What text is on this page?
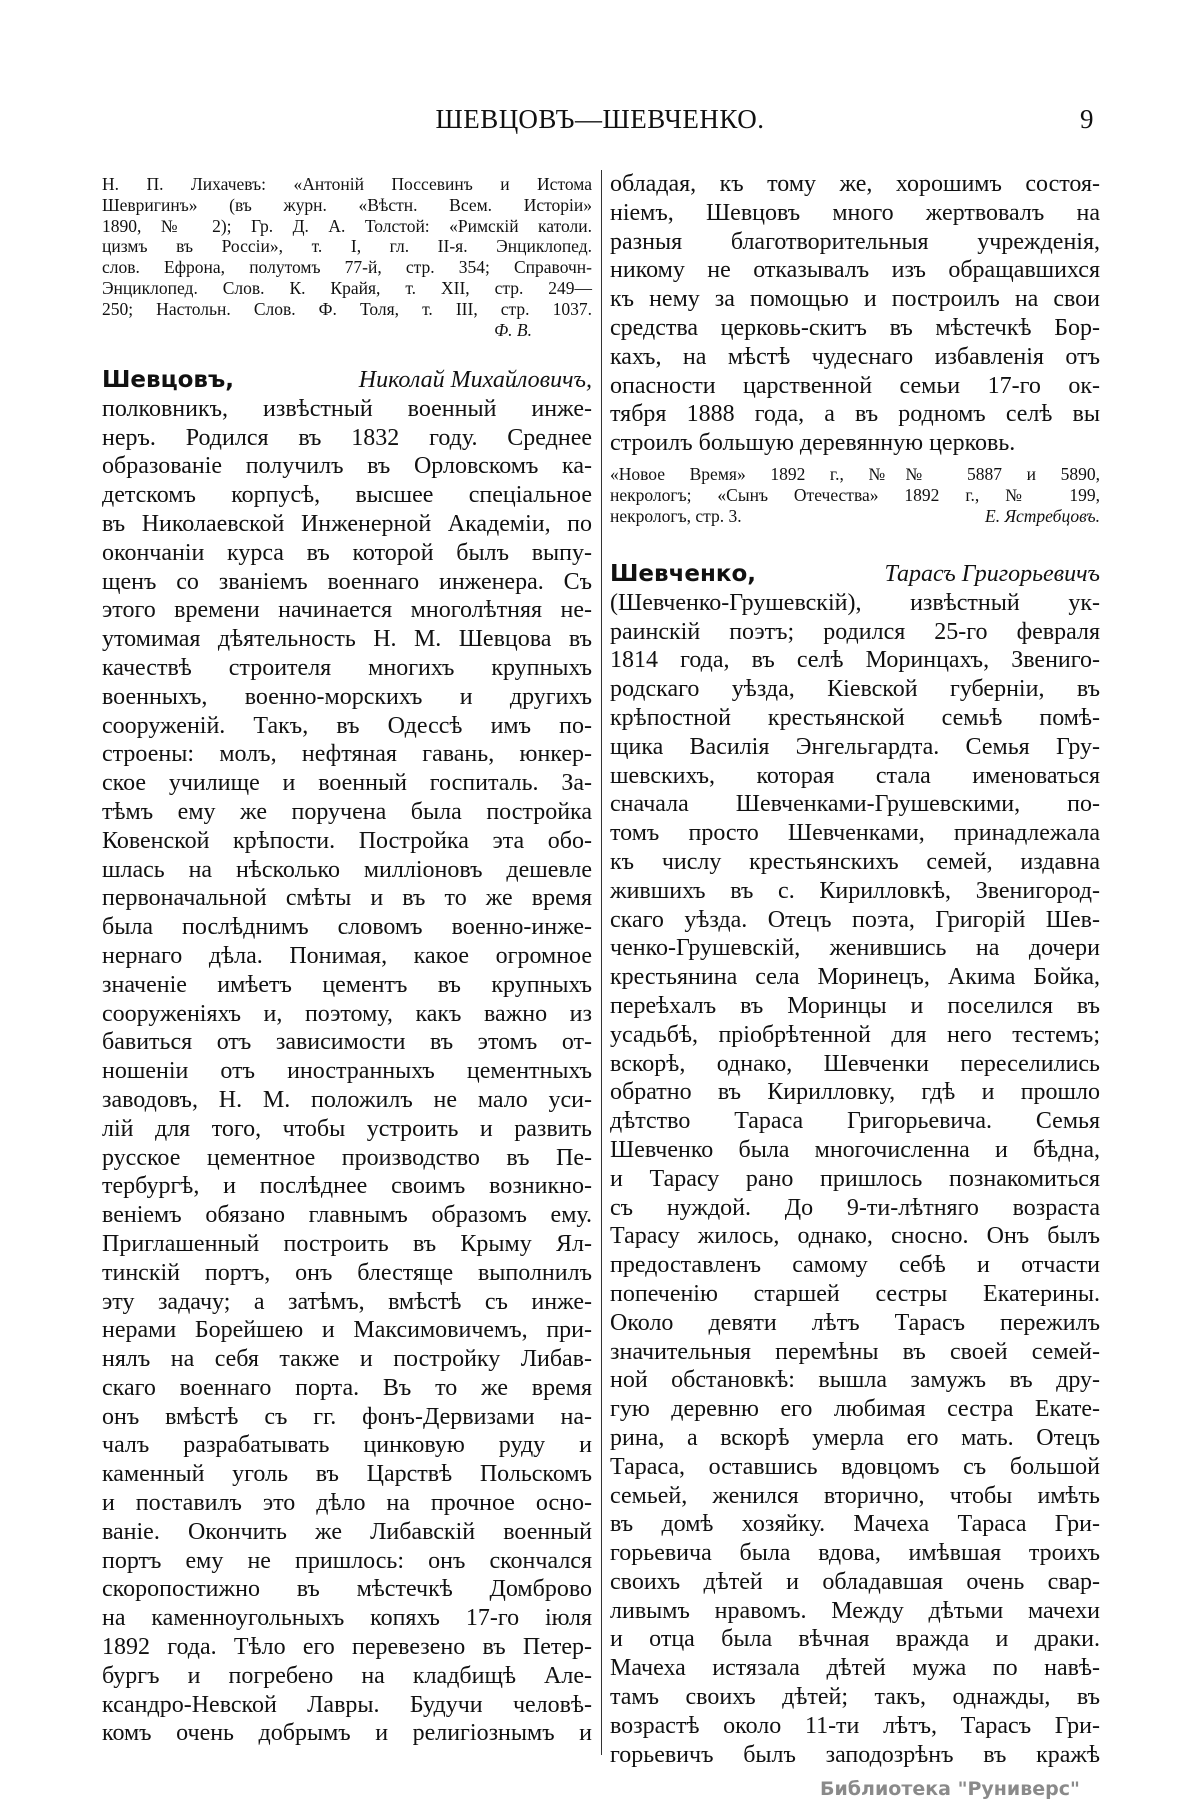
ШЕВЦОВЪ—ШЕВЧЕНКО.	9
Н. П. Лихачевъ: «Антоній Поссевинъ и Истома
Шевригинъ» (въ журн. «Вѣстн. Всем. Исторіи»
1890, № 2); Гр. Д. А. Толстой: «Римскій католи.
цизмъ въ Россіи», т. I, гл. II-я. Энциклопед.
слов. Ефрона, полутомъ 77-й, стр. 354; Справочн-
Энциклопед. Слов. К. Крайя, т. XII, стр. 249—
250; Настольн. Слов. Ф. Толя, т. III, стр. 1037.
Ф. В.
Шевцовъ,	Николай Михайловичъ,
полковникъ, извѣстный военный инже-
неръ. Родился въ 1832 году. Среднее
образованіе получилъ въ Орловскомъ ка-
детскомъ корпусѣ, высшее спеціальное
въ Николаевской Инженерной Академіи, по
окончаніи курса въ которой былъ выпу-
щенъ со званіемъ военнаго инженера. Съ
этого времени начинается многолѣтняя не-
утомимая дѣятельность Н. М. Шевцова въ
качествѣ строителя многихъ крупныхъ
военныхъ, военно-морскихъ и другихъ
сооруженій. Такъ, въ Одессѣ имъ по-
строены: молъ, нефтяная гавань, юнкер-
ское училище и военный госпиталь. За-
тѣмъ ему же поручена была постройка
Ковенской крѣпости. Постройка эта обо-
шлась на нѣсколько милліоновъ дешевле
первоначальной смѣты и въ то же время
была послѣднимъ словомъ военно-инже-
нернаго дѣла. Понимая, какое огромное
значеніе имѣетъ цементъ въ крупныхъ
сооруженіяхъ и, поэтому, какъ важно из
бавиться отъ зависимости въ этомъ от-
ношеніи отъ иностранныхъ цементныхъ
заводовъ, Н. М. положилъ не мало уси-
лій для того, чтобы устроить и развить
русское цементное производство въ Пе-
тербургѣ, и послѣднее своимъ возникно-
веніемъ обязано главнымъ образомъ ему.
Приглашенный построить въ Крыму Ял-
тинскій портъ, онъ блестяще выполнилъ
эту задачу; а затѣмъ, вмѣстѣ съ инже-
нерами Борейшею и Максимовичемъ, при-
нялъ на себя также и постройку Либав-
скаго военнаго порта. Въ то же время
онъ вмѣстѣ съ гг. фонъ-Дервизами на-
чалъ разрабатывать цинковую руду и
каменный уголь въ Царствѣ Польскомъ
и поставилъ это дѣло на прочное осно-
ваніе. Окончить же Либавскій военный
портъ ему не пришлось: онъ скончался
скоропостижно въ мѣстечкѣ Домброво
на каменноугольныхъ копяхъ 17-го іюля
1892 года. Тѣло его перевезено въ Петер-
бургъ и погребено на кладбищѣ Але-
ксандро-Невской Лавры. Будучи человѣ-
комъ очень добрымъ и религіознымъ и
обладая, къ тому же, хорошимъ состоя-
ніемъ, Шевцовъ много жертвовалъ на
разныя благотворительныя учрежденія,
никому не отказывалъ изъ обращавшихся
къ нему за помощью и построилъ на свои
средства церковь-скитъ въ мѣстечкѣ Бор-
кахъ, на мѣстѣ чудеснаго избавленія отъ
опасности царственной семьи 17-го ок-
тября 1888 года, а въ родномъ селѣ вы
строилъ большую деревянную церковь.
«Новое Время» 1892 г., №№ 5887 и 5890,
некрологъ; «Сынъ Отечества» 1892 г., № 199,
некрологъ, стр. 3.	Е. Ястребцовъ.
Шевченко,	Тарасъ Григорьевичъ
(Шевченко-Грушевскій), извѣстный ук-
раинскій поэтъ; родился 25-го февраля
1814 года, въ селѣ Моринцахъ, Звениго-
родскаго уѣзда, Кіевской губерніи, въ
крѣпостной крестьянской семьѣ помѣ-
щика Василія Энгельгардта. Семья Гру-
шевскихъ, которая стала именоваться
сначала Шевченками-Грушевскими, по-
томъ просто Шевченками, принадлежала
къ числу крестьянскихъ семей, издавна
жившихъ въ с. Кирилловкѣ, Звенигород-
скаго уѣзда. Отецъ поэта, Григорій Шев-
ченко-Грушевскій, женившись на дочери
крестьянина села Моринецъ, Акима Бойка,
переѣхалъ въ Моринцы и поселился въ
усадьбѣ, пріобрѣтенной для него тестемъ;
вскорѣ, однако, Шевченки переселились
обратно въ Кирилловку, гдѣ и прошло
дѣтство Тараса Григорьевича. Семья
Шевченко была многочисленна и бѣдна,
и Тарасу рано пришлось познакомиться
съ нуждой. До 9-ти-лѣтняго возраста
Тарасу жилось, однако, сносно. Онъ былъ
предоставленъ самому себѣ и отчасти
попеченію старшей сестры Екатерины.
Около девяти лѣтъ Тарасъ пережилъ
значительныя перемѣны въ своей семей-
ной обстановкѣ: вышла замужъ въ дру-
гую деревню его любимая сестра Екате-
рина, а вскорѣ умерла его мать. Отецъ
Тараса, оставшись вдовцомъ съ большой
семьей, женился вторично, чтобы имѣть
въ домѣ хозяйку. Мачеха Тараса Гри-
горьевича была вдова, имѣвшая троихъ
своихъ дѣтей и обладавшая очень свар-
ливымъ нравомъ. Между дѣтьми мачехи
и отца была вѣчная вражда и драки.
Мачеха истязала дѣтей мужа по навѣ-
тамъ своихъ дѣтей; такъ, однажды, въ
возрастѣ около 11-ти лѣтъ, Тарасъ Гри-
горьевичъ былъ заподозрѣнъ въ кражѣ
Библиотека "Руниверс"
